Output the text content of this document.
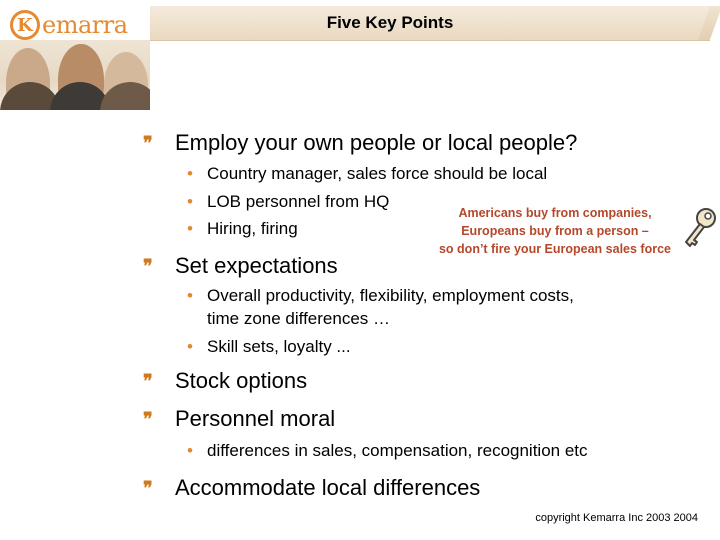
K emarra	Five Key Points
❞ Employ your own people or local people?
• Country manager, sales force should be local
• LOB personnel from HQ
• Hiring, firing
❞ Set expectations
• Overall productivity, flexibility, employment costs,
time zone differences …
• Skill sets, loyalty ...
❞ Stock options
❞ Personnel moral
• differences in sales, compensation, recognition etc
❞ Accommodate local differences
Americans buy from companies,
Europeans buy from a person –
so don’t fire your European sales force
copyright Kemarra Inc 2003 2004
